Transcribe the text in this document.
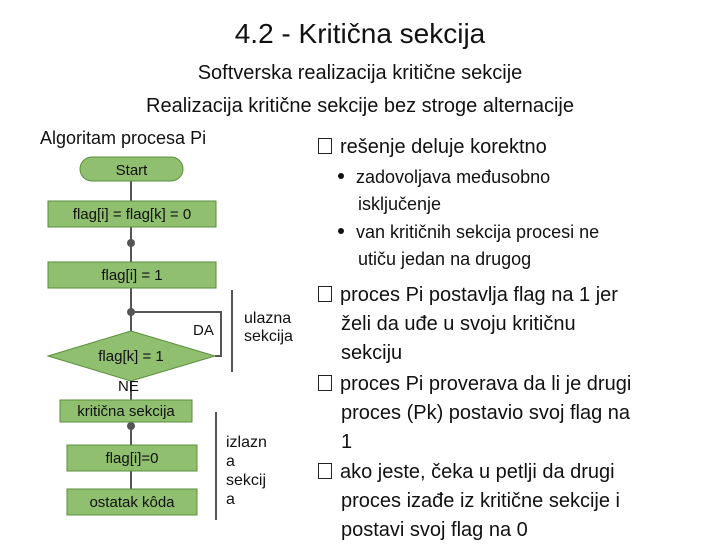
4.2 - Kritična sekcija
Softverska realizacija kritične sekcije
Realizacija kritične sekcije bez stroge alternacije
Algoritam procesa Pi
Start
flag[i] = flag[k] = 0
flag[i] = 1
flag[k] = 1
DA
NE
kritična sekcija
flag[i]=0
ostatak kôda
ulazna
sekcija
izlazn
a
sekcij
a
rešenje deluje korektno
zadovoljava međusobno
isključenje
van kritičnih sekcija procesi ne
utiču jedan na drugog
proces Pi postavlja flag na 1 jer
želi da uđe u svoju kritičnu
sekciju
proces Pi proverava da li je drugi
proces (Pk) postavio svoj flag na
1
ako jeste, čeka u petlji da drugi
proces izađe iz kritične sekcije i
postavi svoj flag na 0
